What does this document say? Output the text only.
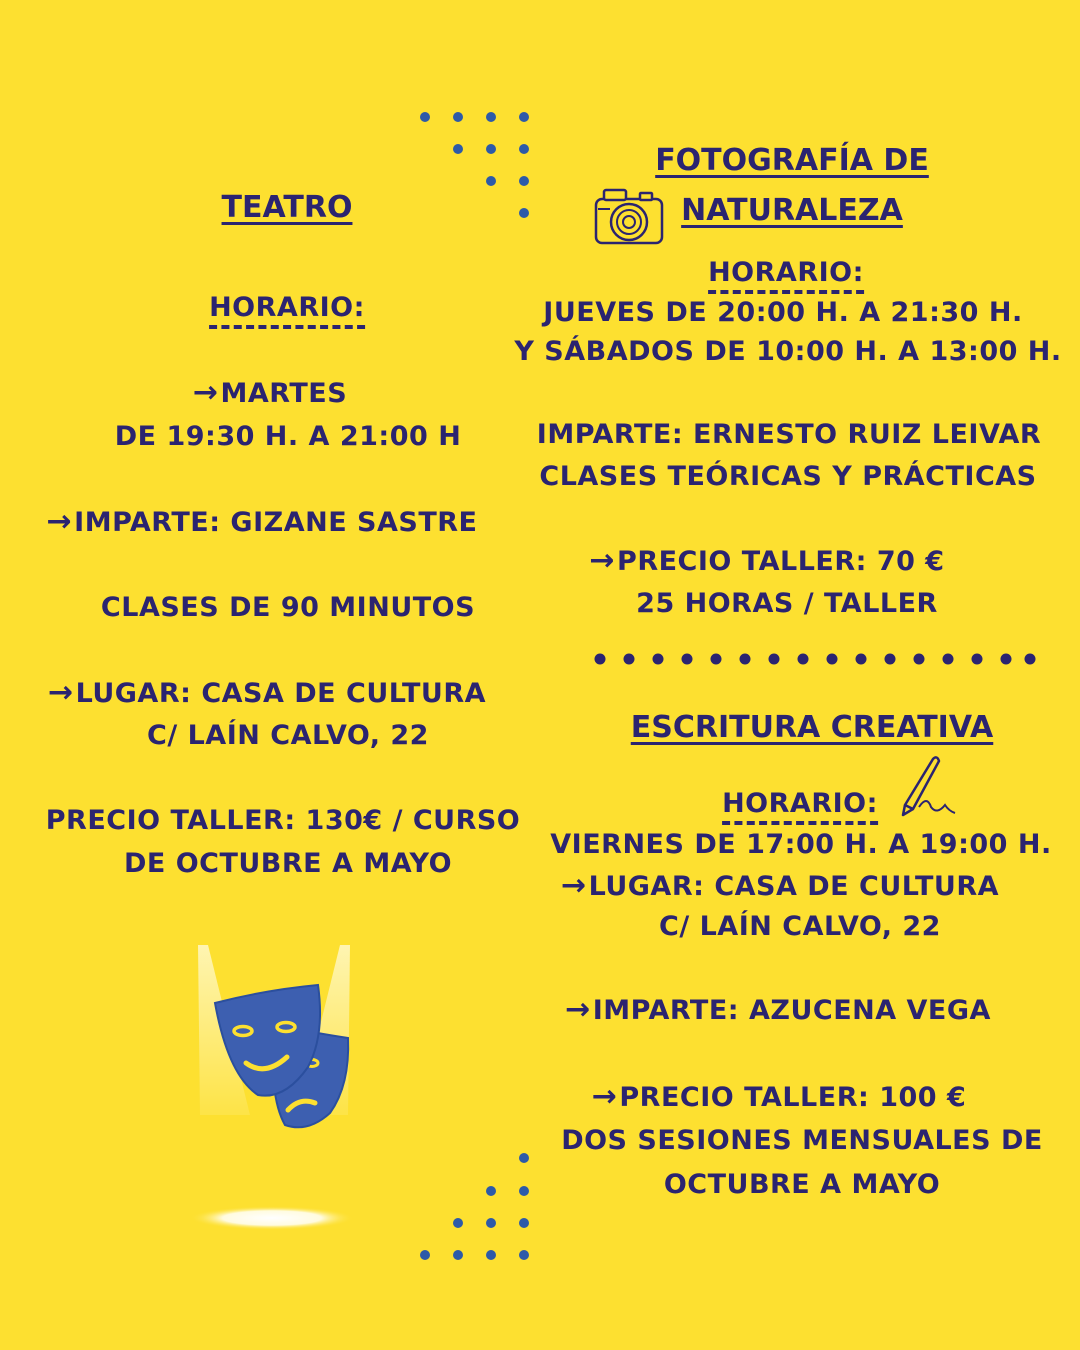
TEATRO
HORARIO:
→MARTES
DE 19:30 H. A 21:00 H
→IMPARTE: GIZANE SASTRE
CLASES DE 90 MINUTOS
→LUGAR: CASA DE CULTURA
C/ LAÍN CALVO, 22
PRECIO TALLER: 130€ / CURSO
DE OCTUBRE A MAYO
FOTOGRAFÍA DE
NATURALEZA
HORARIO:
JUEVES DE 20:00 H. A 21:30 H.
Y SÁBADOS DE 10:00 H. A 13:00 H.
IMPARTE: ERNESTO RUIZ LEIVAR
CLASES TEÓRICAS Y PRÁCTICAS
→PRECIO TALLER: 70 €
25 HORAS / TALLER
ESCRITURA CREATIVA
HORARIO:
VIERNES DE 17:00 H. A 19:00 H.
→LUGAR: CASA DE CULTURA
C/ LAÍN CALVO, 22
→IMPARTE: AZUCENA VEGA
→PRECIO TALLER: 100 €
DOS SESIONES MENSUALES DE
OCTUBRE A MAYO
